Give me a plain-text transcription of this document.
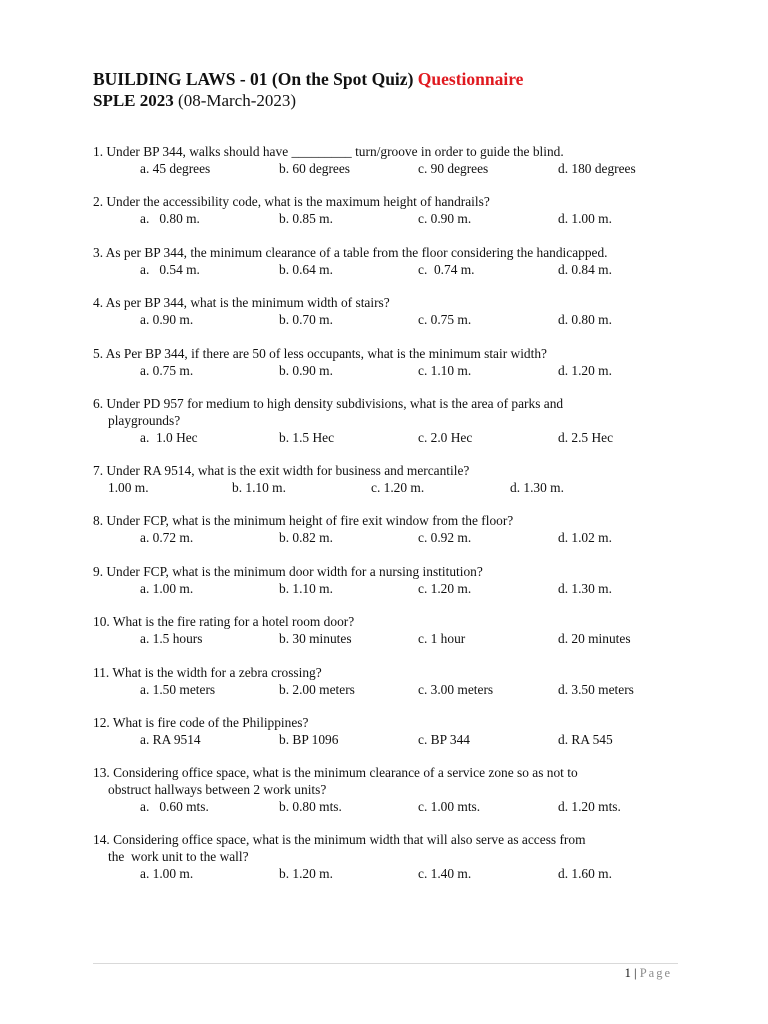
BUILDING LAWS - 01 (On the Spot Quiz) Questionnaire
SPLE 2023 (08-March-2023)
1. Under BP 344, walks should have _________ turn/groove in order to guide the blind.
a. 45 degrees	b. 60 degrees	c. 90 degrees	d. 180 degrees
2. Under the accessibility code, what is the maximum height of handrails?
a.   0.80 m.	b. 0.85 m.	c. 0.90 m.	d. 1.00 m.
3. As per BP 344, the minimum clearance of a table from the floor considering the handicapped.
a.   0.54 m.	b. 0.64 m.	c.  0.74 m.	d. 0.84 m.
4. As per BP 344, what is the minimum width of stairs?
a. 0.90 m.	b. 0.70 m.	c. 0.75 m.	d. 0.80 m.
5. As Per BP 344, if there are 50 of less occupants, what is the minimum stair width?
a. 0.75 m.	b. 0.90 m.	c. 1.10 m.	d. 1.20 m.
6. Under PD 957 for medium to high density subdivisions, what is the area of parks and
playgrounds?
a.  1.0 Hec	b. 1.5 Hec	c. 2.0 Hec	d. 2.5 Hec
7. Under RA 9514, what is the exit width for business and mercantile?
1.00 m.	b. 1.10 m.	c. 1.20 m.	d. 1.30 m.
8. Under FCP, what is the minimum height of fire exit window from the floor?
a. 0.72 m.	b. 0.82 m.	c. 0.92 m.	d. 1.02 m.
9. Under FCP, what is the minimum door width for a nursing institution?
a. 1.00 m.	b. 1.10 m.	c. 1.20 m.	d. 1.30 m.
10. What is the fire rating for a hotel room door?
a. 1.5 hours	b. 30 minutes	c. 1 hour	d. 20 minutes
11. What is the width for a zebra crossing?
a. 1.50 meters	b. 2.00 meters	c. 3.00 meters	d. 3.50 meters
12. What is fire code of the Philippines?
a. RA 9514	b. BP 1096	c. BP 344	d. RA 545
13. Considering office space, what is the minimum clearance of a service zone so as not to
obstruct hallways between 2 work units?
a.   0.60 mts.	b. 0.80 mts.	c. 1.00 mts.	d. 1.20 mts.
14. Considering office space, what is the minimum width that will also serve as access from
the  work unit to the wall?
a. 1.00 m.	b. 1.20 m.	c. 1.40 m.	d. 1.60 m.
1 | Page
